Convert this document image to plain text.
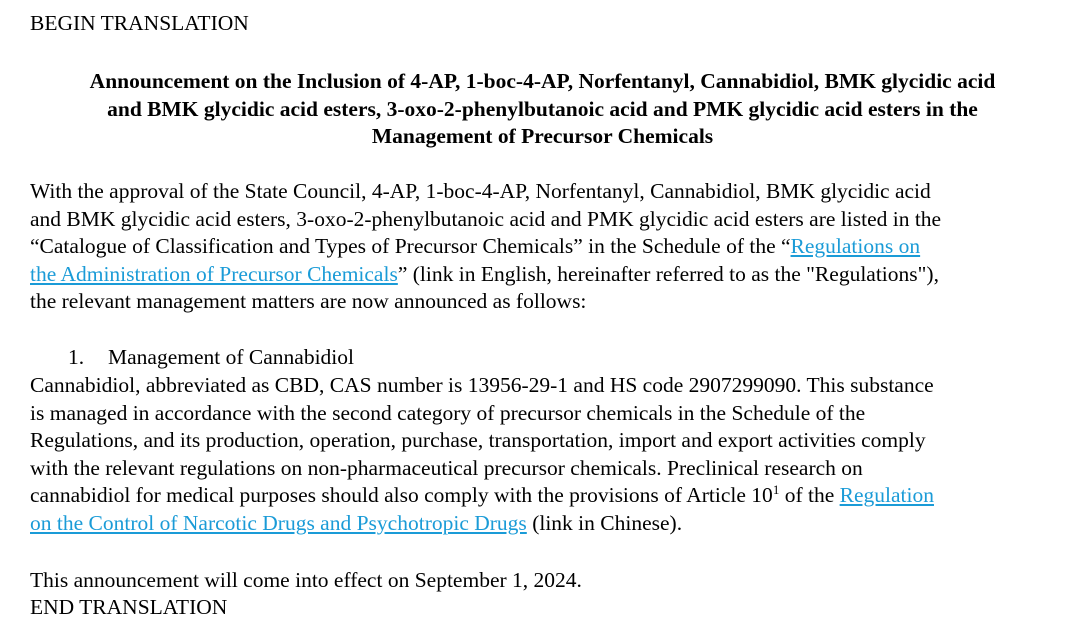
BEGIN TRANSLATION
Announcement on the Inclusion of 4-AP, 1-boc-4-AP, Norfentanyl, Cannabidiol, BMK glycidic acid
and BMK glycidic acid esters, 3-oxo-2-phenylbutanoic acid and PMK glycidic acid esters in the
Management of Precursor Chemicals
With the approval of the State Council, 4-AP, 1-boc-4-AP, Norfentanyl, Cannabidiol, BMK glycidic acid
and BMK glycidic acid esters, 3-oxo-2-phenylbutanoic acid and PMK glycidic acid esters are listed in the
“Catalogue of Classification and Types of Precursor Chemicals” in the Schedule of the “Regulations on
the Administration of Precursor Chemicals” (link in English, hereinafter referred to as the "Regulations"),
the relevant management matters are now announced as follows:
1. Management of Cannabidiol
Cannabidiol, abbreviated as CBD, CAS number is 13956-29-1 and HS code 2907299090. This substance
is managed in accordance with the second category of precursor chemicals in the Schedule of the
Regulations, and its production, operation, purchase, transportation, import and export activities comply
with the relevant regulations on non-pharmaceutical precursor chemicals. Preclinical research on
cannabidiol for medical purposes should also comply with the provisions of Article $10^1$ of the Regulation
on the Control of Narcotic Drugs and Psychotropic Drugs (link in Chinese).
This announcement will come into effect on September 1, 2024.
END TRANSLATION
